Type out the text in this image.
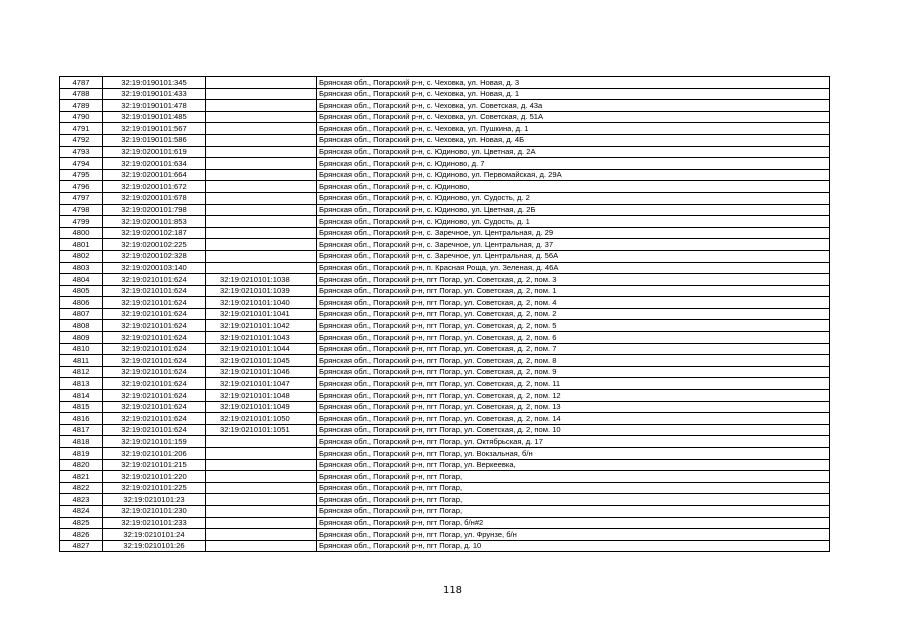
4787	32:19:0190101:345		Брянская обл., Погарский р-н, с. Чеховка, ул. Новая, д. 3
4788	32:19:0190101:433		Брянская обл., Погарский р-н, с. Чеховка, ул. Новая, д. 1
4789	32:19:0190101:478		Брянская обл., Погарский р-н, с. Чеховка, ул. Советская, д. 43а
4790	32:19:0190101:485		Брянская обл., Погарский р-н, с. Чеховка, ул. Советская, д. 51А
4791	32:19:0190101:567		Брянская обл., Погарский р-н, с. Чеховка, ул. Пушкина, д. 1
4792	32:19:0190101:586		Брянская обл., Погарский р-н, с. Чеховка, ул. Новая, д. 4Б
4793	32:19:0200101:619		Брянская обл., Погарский р-н, с. Юдиново, ул. Цветная, д. 2А
4794	32:19:0200101:634		Брянская обл., Погарский р-н, с. Юдиново, д. 7
4795	32:19:0200101:664		Брянская обл., Погарский р-н, с. Юдиново, ул. Первомайская, д. 29А
4796	32:19:0200101:672		Брянская обл., Погарский р-н, с. Юдиново,
4797	32:19:0200101:678		Брянская обл., Погарский р-н, с. Юдиново, ул. Судость, д. 2
4798	32:19:0200101:798		Брянская обл., Погарский р-н, с. Юдиново, ул. Цветная, д. 2Б
4799	32:19:0200101:853		Брянская обл., Погарский р-н, с. Юдиново, ул. Судость, д. 1
4800	32:19:0200102:187		Брянская обл., Погарский р-н, с. Заречное, ул. Центральная, д. 29
4801	32:19:0200102:225		Брянская обл., Погарский р-н, с. Заречное, ул. Центральная, д. 37
4802	32:19:0200102:328		Брянская обл., Погарский р-н, с. Заречное, ул. Центральная, д. 56А
4803	32:19:0200103:140		Брянская обл., Погарский р-н, п. Красная Роща, ул. Зеленая, д. 46А
4804	32:19:0210101:624	32:19:0210101:1038	Брянская обл., Погарский р-н, пгт Погар, ул. Советская, д. 2, пом. 3
4805	32:19:0210101:624	32:19:0210101:1039	Брянская обл., Погарский р-н, пгт Погар, ул. Советская, д. 2, пом. 1
4806	32:19:0210101:624	32:19:0210101:1040	Брянская обл., Погарский р-н, пгт Погар, ул. Советская, д. 2, пом. 4
4807	32:19:0210101:624	32:19:0210101:1041	Брянская обл., Погарский р-н, пгт Погар, ул. Советская, д. 2, пом. 2
4808	32:19:0210101:624	32:19:0210101:1042	Брянская обл., Погарский р-н, пгт Погар, ул. Советская, д. 2, пом. 5
4809	32:19:0210101:624	32:19:0210101:1043	Брянская обл., Погарский р-н, пгт Погар, ул. Советская, д. 2, пом. 6
4810	32:19:0210101:624	32:19:0210101:1044	Брянская обл., Погарский р-н, пгт Погар, ул. Советская, д. 2, пом. 7
4811	32:19:0210101:624	32:19:0210101:1045	Брянская обл., Погарский р-н, пгт Погар, ул. Советская, д. 2, пом. 8
4812	32:19:0210101:624	32:19:0210101:1046	Брянская обл., Погарский р-н, пгт Погар, ул. Советская, д. 2, пом. 9
4813	32:19:0210101:624	32:19:0210101:1047	Брянская обл., Погарский р-н, пгт Погар, ул. Советская, д. 2, пом. 11
4814	32:19:0210101:624	32:19:0210101:1048	Брянская обл., Погарский р-н, пгт Погар, ул. Советская, д. 2, пом. 12
4815	32:19:0210101:624	32:19:0210101:1049	Брянская обл., Погарский р-н, пгт Погар, ул. Советская, д. 2, пом. 13
4816	32:19:0210101:624	32:19:0210101:1050	Брянская обл., Погарский р-н, пгт Погар, ул. Советская, д. 2, пом. 14
4817	32:19:0210101:624	32:19:0210101:1051	Брянская обл., Погарский р-н, пгт Погар, ул. Советская, д. 2, пом. 10
4818	32:19:0210101:159		Брянская обл., Погарский р-н, пгт Погар, ул. Октябрьская, д. 17
4819	32:19:0210101:206		Брянская обл., Погарский р-н, пгт Погар, ул. Вокзальная, б/н
4820	32:19:0210101:215		Брянская обл., Погарский р-н, пгт Погар, ул. Веркеевка,
4821	32:19:0210101:220		Брянская обл., Погарский р-н, пгт Погар,
4822	32:19:0210101:225		Брянская обл., Погарский р-н, пгт Погар,
4823	32:19:0210101:23		Брянская обл., Погарский р-н, пгт Погар,
4824	32:19:0210101:230		Брянская обл., Погарский р-н, пгт Погар,
4825	32:19:0210101:233		Брянская обл., Погарский р-н, пгт Погар, б/н#2
4826	32:19:0210101:24		Брянская обл., Погарский р-н, пгт Погар, ул. Фрунзе, б/н
4827	32:19:0210101:26		Брянская обл., Погарский р-н, пгт Погар, д. 10
118
